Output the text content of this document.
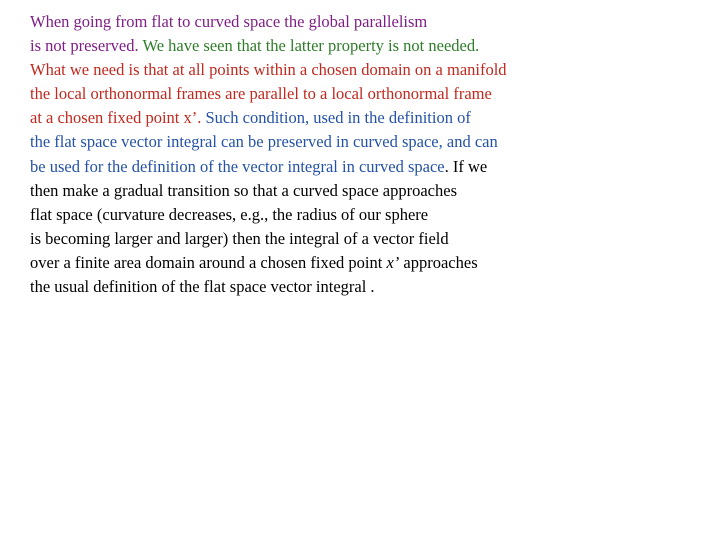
When going from flat to curved space the global parallelism
is not preserved. We have seen that the latter property is not needed.
What we need is that at all points within a chosen domain on a manifold
the local orthonormal frames are parallel to a local orthonormal frame
at a chosen fixed point x’. Such condition, used in the definition of
the flat space vector integral can be preserved in curved space, and can
be used for the definition of the vector integral in curved space. If we
then make a gradual transition so that a curved space approaches
flat space (curvature decreases, e.g., the radius of our sphere
is becoming larger and larger) then the integral of a vector field
over a finite area domain around a chosen fixed point x’ approaches
the usual definition of the flat space vector integral .
